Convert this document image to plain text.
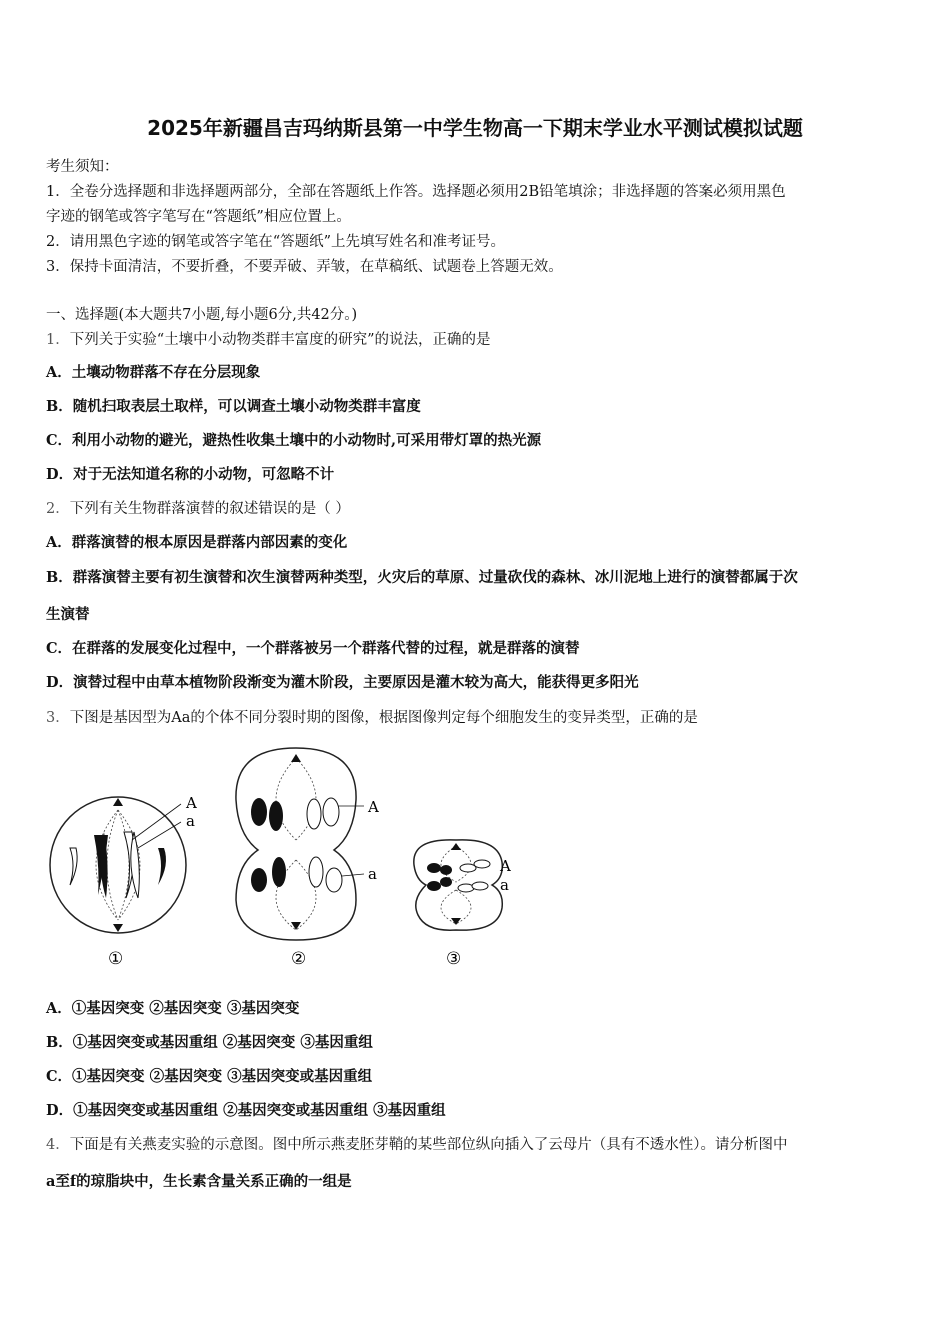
2025年新疆昌吉玛纳斯县第一中学生物高一下期末学业水平测试模拟试题
考生须知：
1．全卷分选择题和非选择题两部分，全部在答题纸上作答。选择题必须用2B铅笔填涂；非选择题的答案必须用黑色
字迹的钢笔或答字笔写在“答题纸”相应位置上。
2．请用黑色字迹的钢笔或答字笔在“答题纸”上先填写姓名和准考证号。
3．保持卡面清洁，不要折叠，不要弄破、弄皱，在草稿纸、试题卷上答题无效。
一、选择题(本大题共7小题,每小题6分,共42分。)
1．下列关于实验“土壤中小动物类群丰富度的研究”的说法，正确的是
A．土壤动物群落不存在分层现象
B．随机扫取表层土取样，可以调查土壤小动物类群丰富度
C．利用小动物的避光，避热性收集土壤中的小动物时,可采用带灯罩的热光源
D．对于无法知道名称的小动物，可忽略不计
2．下列有关生物群落演替的叙述错误的是（ ）
A．群落演替的根本原因是群落内部因素的变化
B．群落演替主要有初生演替和次生演替两种类型，火灾后的草原、过量砍伐的森林、冰川泥地上进行的演替都属于次
生演替
C．在群落的发展变化过程中，一个群落被另一个群落代替的过程，就是群落的演替
D．演替过程中由草本植物阶段渐变为灌木阶段，主要原因是灌木较为高大，能获得更多阳光
3．下图是基因型为Aa的个体不同分裂时期的图像，根据图像判定每个细胞发生的变异类型，正确的是
A
a
①
A
a
②
A
a
③
A．①基因突变 ②基因突变 ③基因突变
B．①基因突变或基因重组 ②基因突变 ③基因重组
C．①基因突变 ②基因突变 ③基因突变或基因重组
D．①基因突变或基因重组 ②基因突变或基因重组 ③基因重组
4．下面是有关燕麦实验的示意图。图中所示燕麦胚芽鞘的某些部位纵向插入了云母片（具有不透水性）。请分析图中
a至f的琼脂块中，生长素含量关系正确的一组是
